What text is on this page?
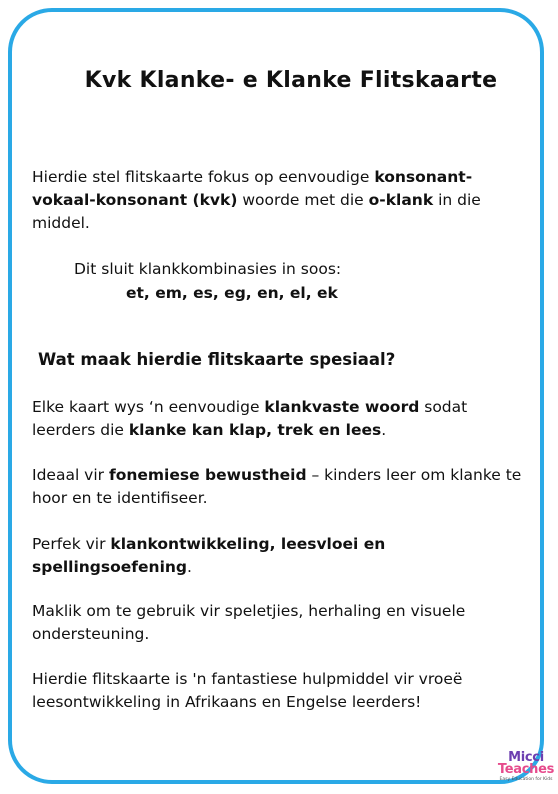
Kvk Klanke- e Klanke Flitskaarte
Hierdie stel flitskaarte fokus op eenvoudige konsonant-vokaal-konsonant (kvk) woorde met die o-klank in die middel.
Dit sluit klankkombinasies in soos:
et, em, es, eg, en, el, ek
Wat maak hierdie flitskaarte spesiaal?
Elke kaart wys ‘n eenvoudige klankvaste woord sodat leerders die klanke kan klap, trek en lees.
Ideaal vir fonemiese bewustheid – kinders leer om klanke te hoor en te identifiseer.
Perfek vir klankontwikkeling, leesvloei en spellingsoefening.
Maklik om te gebruik vir speletjies, herhaling en visuele ondersteuning.
Hierdie flitskaarte is 'n fantastiese hulpmiddel vir vroeë leesontwikkeling in Afrikaans en Engelse leerders!
Micci
Teaches
Easy Education for Kids
